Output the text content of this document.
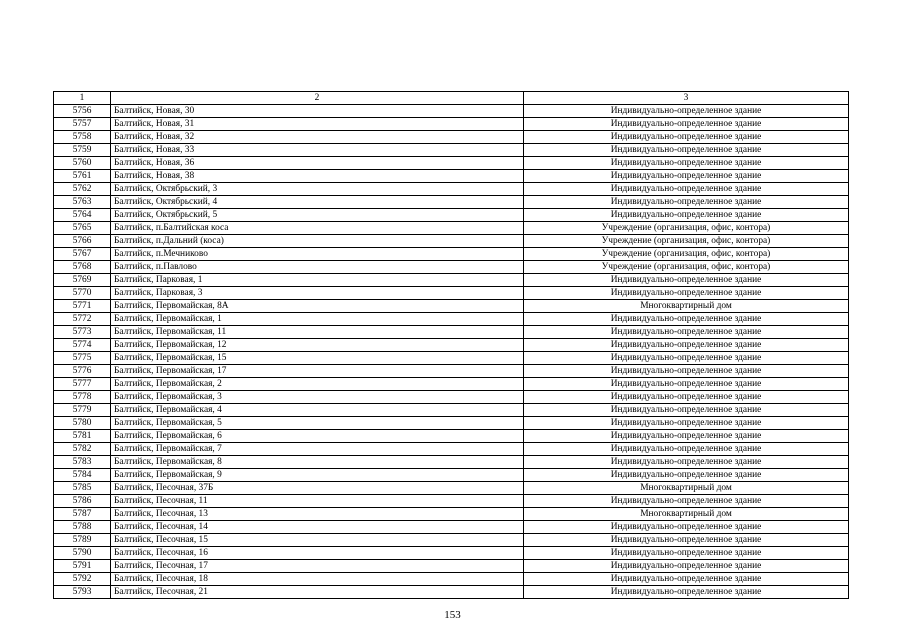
1	2	3
5756	Балтийск, Новая, 30	Индивидуально-определенное здание
5757	Балтийск, Новая, 31	Индивидуально-определенное здание
5758	Балтийск, Новая, 32	Индивидуально-определенное здание
5759	Балтийск, Новая, 33	Индивидуально-определенное здание
5760	Балтийск, Новая, 36	Индивидуально-определенное здание
5761	Балтийск, Новая, 38	Индивидуально-определенное здание
5762	Балтийск, Октябрьский, 3	Индивидуально-определенное здание
5763	Балтийск, Октябрьский, 4	Индивидуально-определенное здание
5764	Балтийск, Октябрьский, 5	Индивидуально-определенное здание
5765	Балтийск, п.Балтийская коса	Учреждение (организация, офис, контора)
5766	Балтийск, п.Дальний (коса)	Учреждение (организация, офис, контора)
5767	Балтийск, п.Мечниково	Учреждение (организация, офис, контора)
5768	Балтийск, п.Павлово	Учреждение (организация, офис, контора)
5769	Балтийск, Парковая, 1	Индивидуально-определенное здание
5770	Балтийск, Парковая, 3	Индивидуально-определенное здание
5771	Балтийск, Первомайская, 8А	Многоквартирный дом
5772	Балтийск, Первомайская, 1	Индивидуально-определенное здание
5773	Балтийск, Первомайская, 11	Индивидуально-определенное здание
5774	Балтийск, Первомайская, 12	Индивидуально-определенное здание
5775	Балтийск, Первомайская, 15	Индивидуально-определенное здание
5776	Балтийск, Первомайская, 17	Индивидуально-определенное здание
5777	Балтийск, Первомайская, 2	Индивидуально-определенное здание
5778	Балтийск, Первомайская, 3	Индивидуально-определенное здание
5779	Балтийск, Первомайская, 4	Индивидуально-определенное здание
5780	Балтийск, Первомайская, 5	Индивидуально-определенное здание
5781	Балтийск, Первомайская, 6	Индивидуально-определенное здание
5782	Балтийск, Первомайская, 7	Индивидуально-определенное здание
5783	Балтийск, Первомайская, 8	Индивидуально-определенное здание
5784	Балтийск, Первомайская, 9	Индивидуально-определенное здание
5785	Балтийск, Песочная, 37Б	Многоквартирный дом
5786	Балтийск, Песочная, 11	Индивидуально-определенное здание
5787	Балтийск, Песочная, 13	Многоквартирный дом
5788	Балтийск, Песочная, 14	Индивидуально-определенное здание
5789	Балтийск, Песочная, 15	Индивидуально-определенное здание
5790	Балтийск, Песочная, 16	Индивидуально-определенное здание
5791	Балтийск, Песочная, 17	Индивидуально-определенное здание
5792	Балтийск, Песочная, 18	Индивидуально-определенное здание
5793	Балтийск, Песочная, 21	Индивидуально-определенное здание
153
